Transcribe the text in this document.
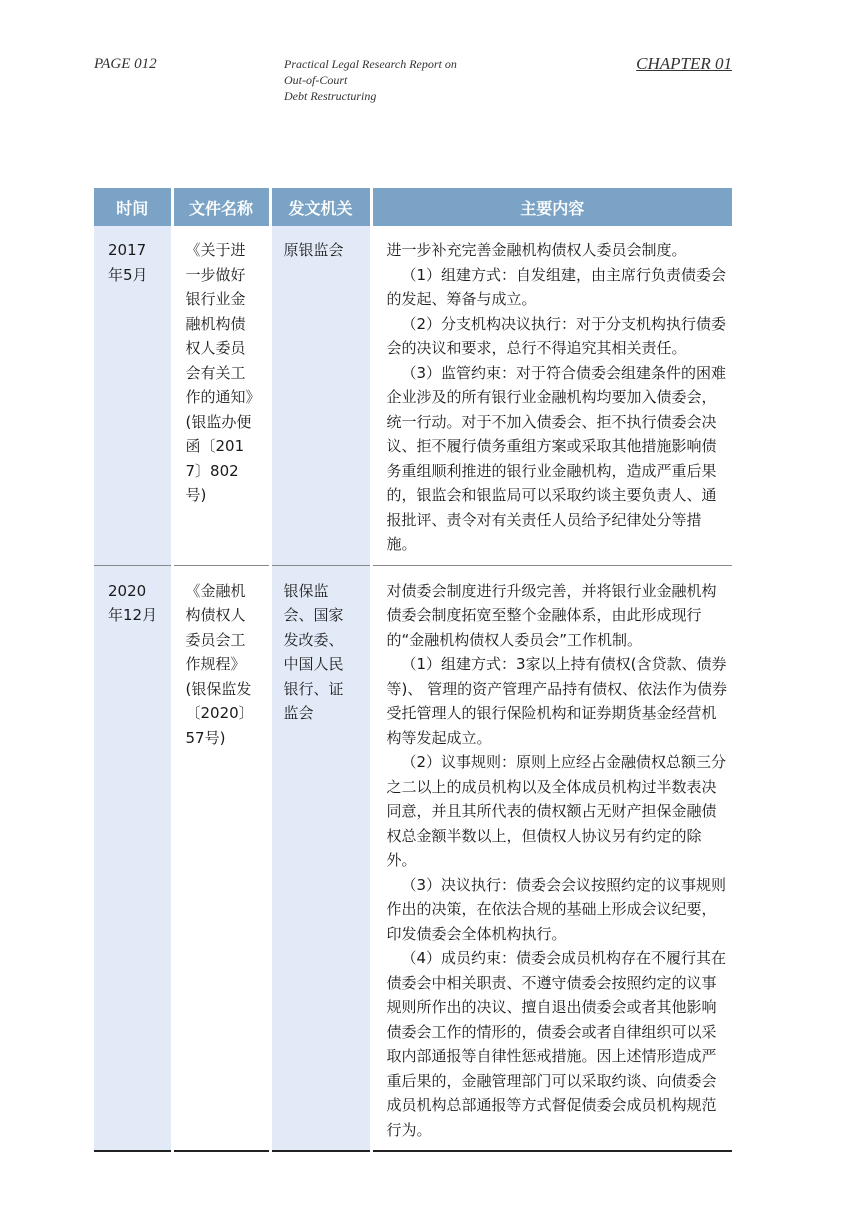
PAGE 012	Practical Legal Research Report on
Out-of-Court
Debt Restructuring
CHAPTER 01
时间	文件名称	发文机关	主要内容
2017年5月	《关于进一步做好银行业金融机构债权人委员会有关工作的通知》(银监办便函〔2017〕802号)	原银监会	进一步补充完善金融机构债权人委员会制度。
（1）组建方式：自发组建，由主席行负责债委会的发起、筹备与成立。
（2）分支机构决议执行：对于分支机构执行债委会的决议和要求，总行不得追究其相关责任。
（3）监管约束：对于符合债委会组建条件的困难企业涉及的所有银行业金融机构均要加入债委会，统一行动。对于不加入债委会、拒不执行债委会决议、拒不履行债务重组方案或采取其他措施影响债务重组顺利推进的银行业金融机构，造成严重后果的，银监会和银监局可以采取约谈主要负责人、通报批评、责令对有关责任人员给予纪律处分等措施。

2020年12月	《金融机构债权人委员会工作规程》(银保监发〔2020〕57号)	银保监会、国家发改委、中国人民银行、证监会	对债委会制度进行升级完善，并将银行业金融机构债委会制度拓宽至整个金融体系，由此形成现行的“金融机构债权人委员会”工作机制。
（1）组建方式：3家以上持有债权(含贷款、债券等)、 管理的资产管理产品持有债权、依法作为债券受托管理人的银行保险机构和证券期货基金经营机构等发起成立。
（2）议事规则：原则上应经占金融债权总额三分之二以上的成员机构以及全体成员机构过半数表决同意，并且其所代表的债权额占无财产担保金融债权总金额半数以上，但债权人协议另有约定的除外。
（3）决议执行：债委会会议按照约定的议事规则作出的决策，在依法合规的基础上形成会议纪要，印发债委会全体机构执行。
（4）成员约束：债委会成员机构存在不履行其在债委会中相关职责、不遵守债委会按照约定的议事规则所作出的决议、擅自退出债委会或者其他影响债委会工作的情形的，债委会或者自律组织可以采取内部通报等自律性惩戒措施。因上述情形造成严重后果的，金融管理部门可以采取约谈、向债委会成员机构总部通报等方式督促债委会成员机构规范行为。
